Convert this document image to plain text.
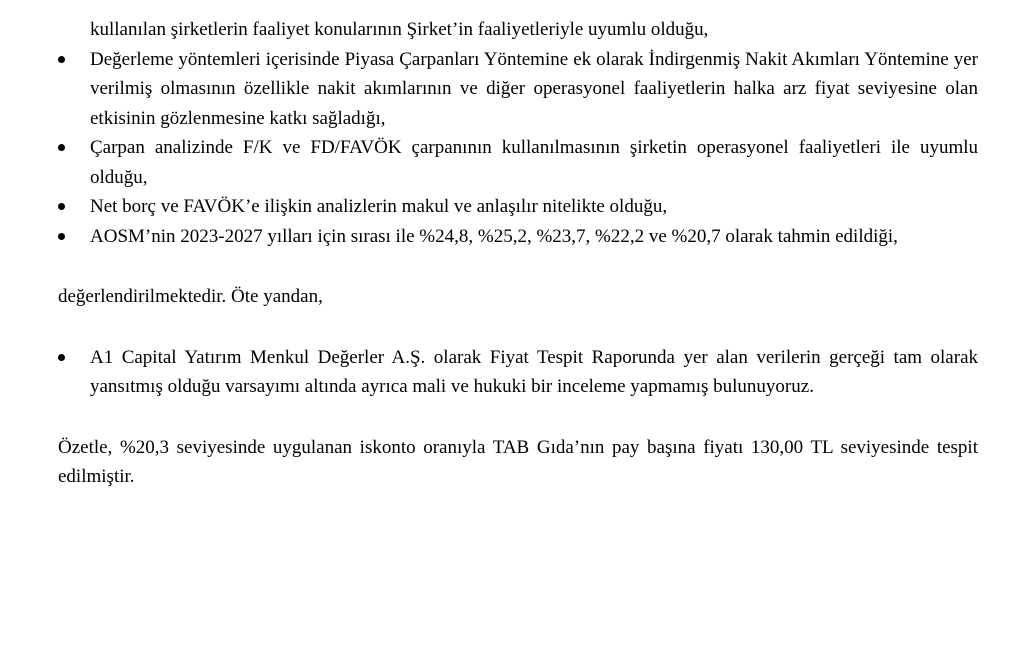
kullanılan şirketlerin faaliyet konularının Şirket’in faaliyetleriyle uyumlu olduğu,
Değerleme yöntemleri içerisinde Piyasa Çarpanları Yöntemine ek olarak İndirgenmiş Nakit Akımları Yöntemine yer verilmiş olmasının özellikle nakit akımlarının ve diğer operasyonel faaliyetlerin halka arz fiyat seviyesine olan etkisinin gözlenmesine katkı sağladığı,
Çarpan analizinde F/K ve FD/FAVÖK çarpanının kullanılmasının şirketin operasyonel faaliyetleri ile uyumlu olduğu,
Net borç ve FAVÖK’e ilişkin analizlerin makul ve anlaşılır nitelikte olduğu,
AOSM’nin 2023-2027 yılları için sırası ile %24,8, %25,2, %23,7, %22,2 ve %20,7 olarak tahmin edildiği,

değerlendirilmektedir. Öte yandan,

A1 Capital Yatırım Menkul Değerler A.Ş. olarak Fiyat Tespit Raporunda yer alan verilerin gerçeği tam olarak yansıtmış olduğu varsayımı altında ayrıca mali ve hukuki bir inceleme yapmamış bulunuyoruz.

Özetle, %20,3 seviyesinde uygulanan iskonto oranıyla TAB Gıda’nın pay başına fiyatı 130,00 TL seviyesinde tespit edilmiştir.
